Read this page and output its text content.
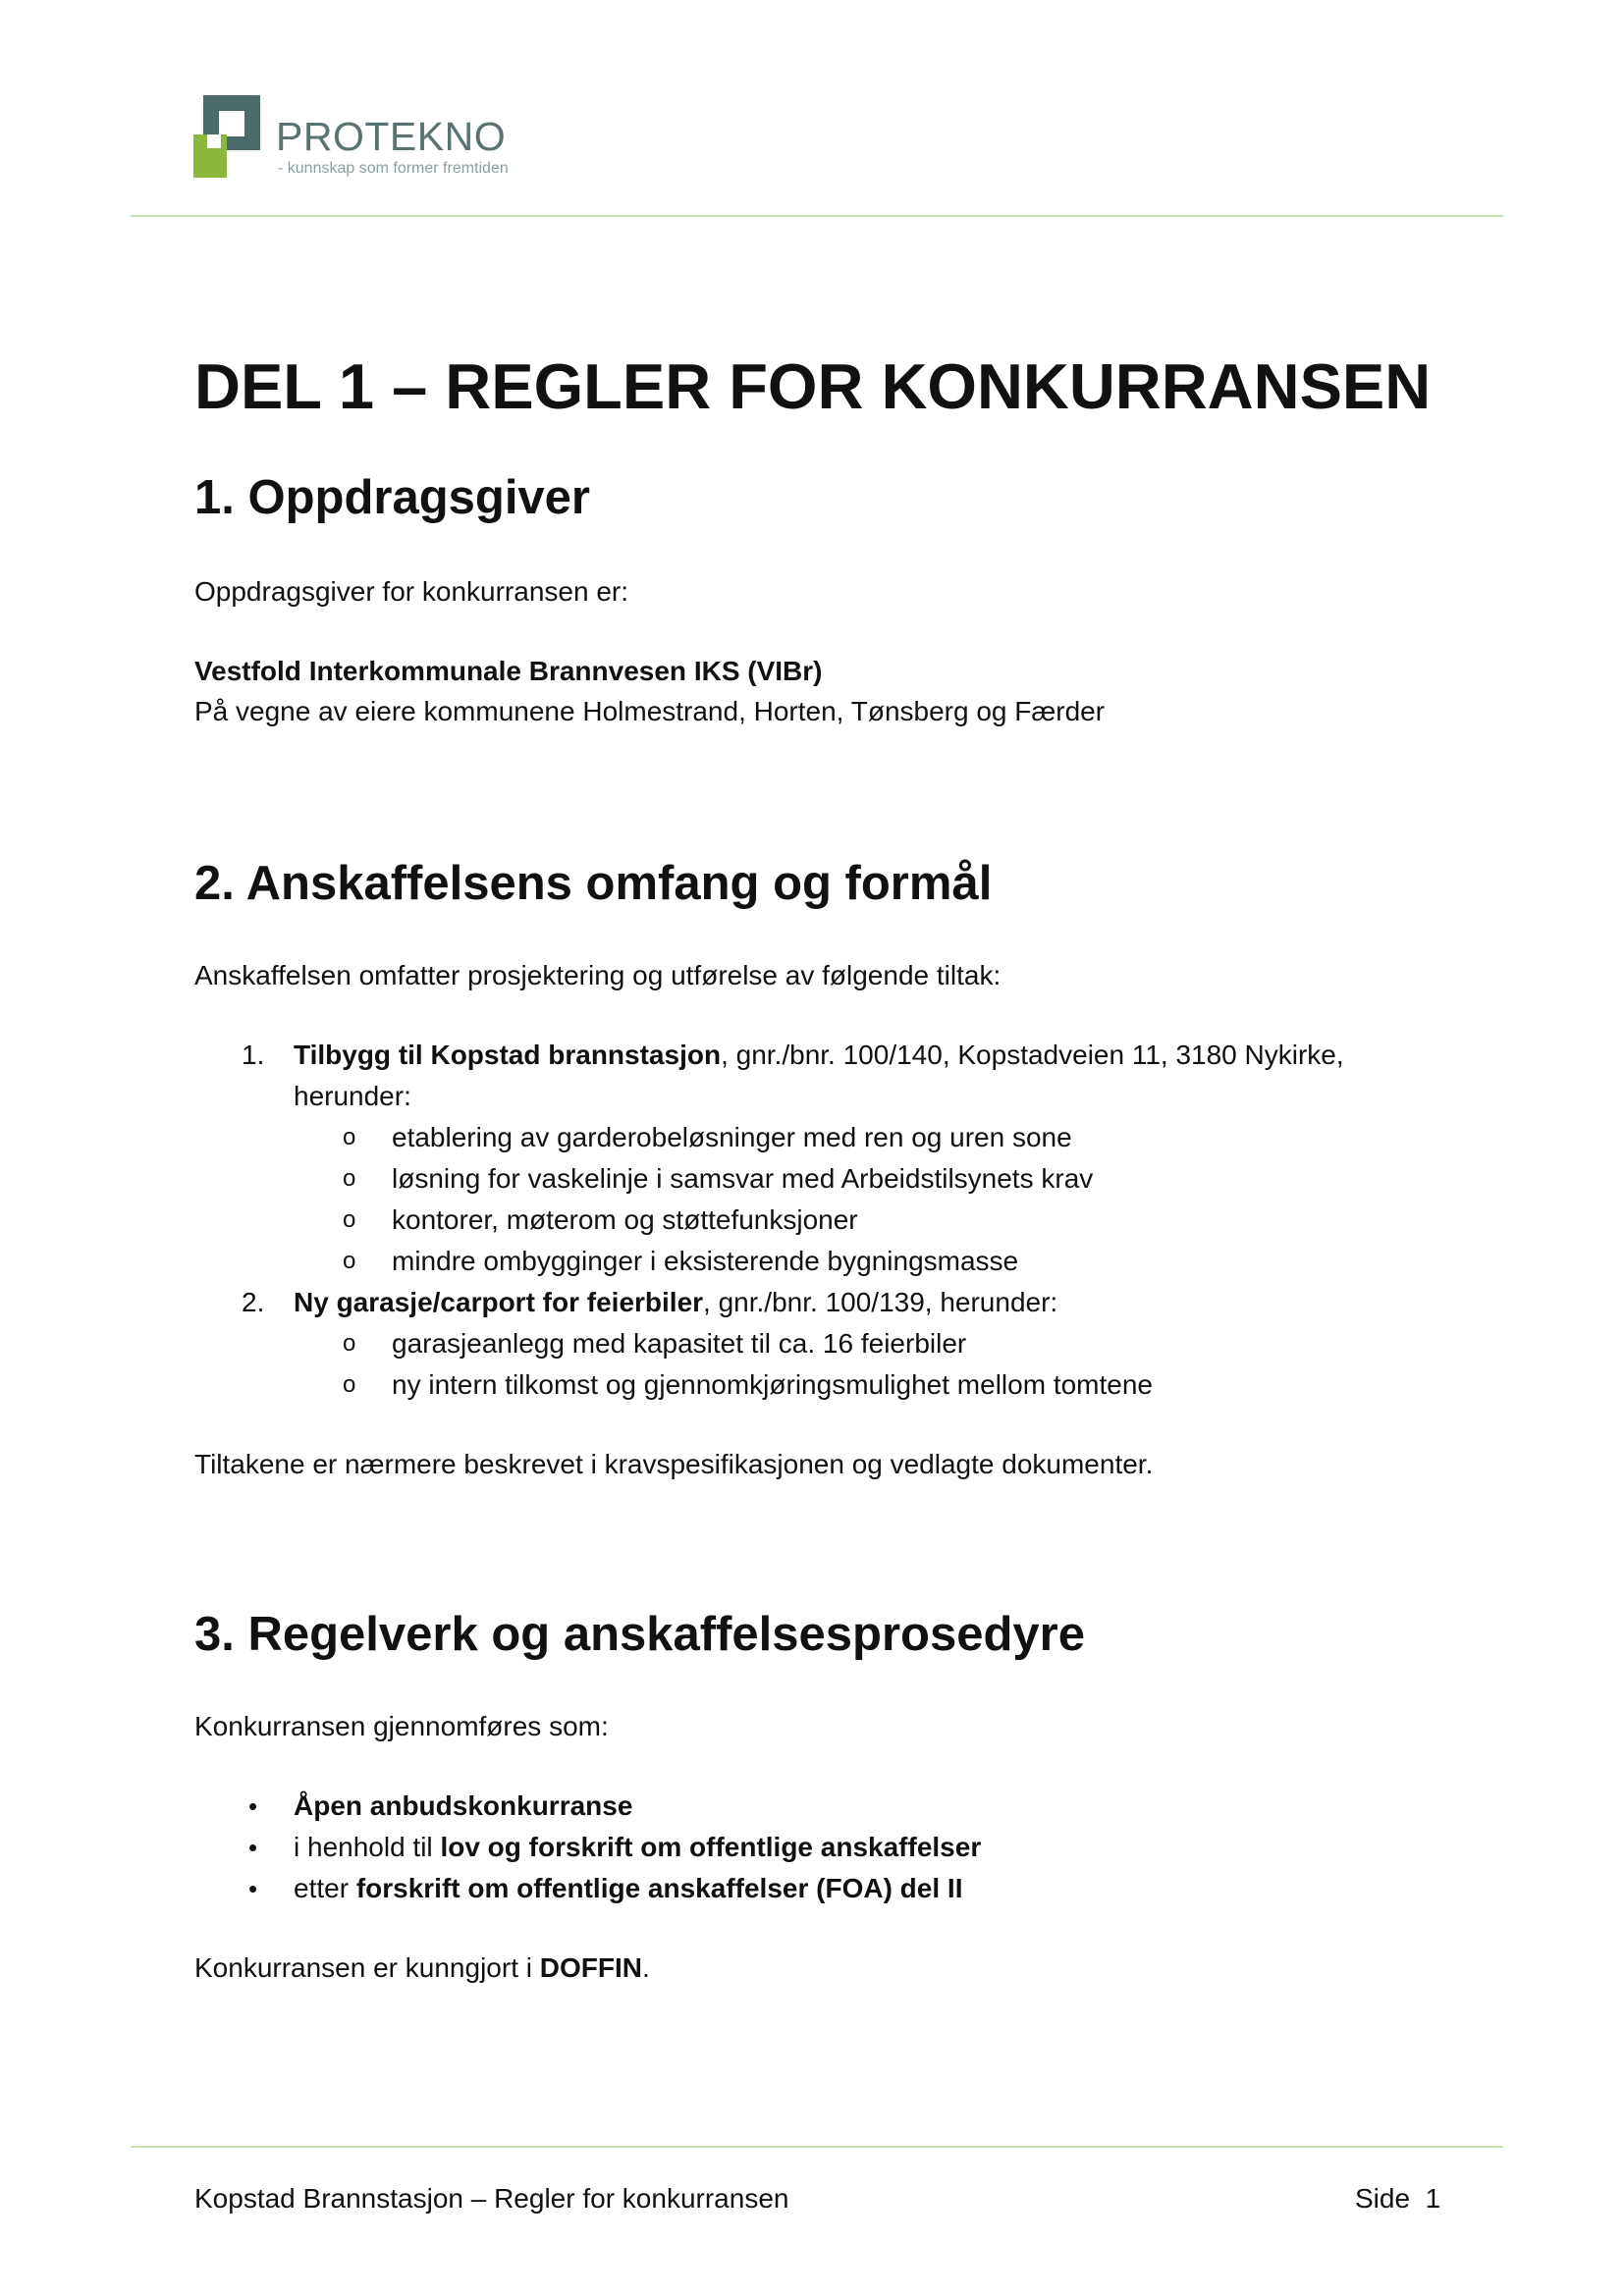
PROTEKNO
- kunnskap som former fremtiden
DEL 1 – REGLER FOR KONKURRANSEN
1. Oppdragsgiver
Oppdragsgiver for konkurransen er:
Vestfold Interkommunale Brannvesen IKS (VIBr)
På vegne av eiere kommunene Holmestrand, Horten, Tønsberg og Færder
2. Anskaffelsens omfang og formål
Anskaffelsen omfatter prosjektering og utførelse av følgende tiltak:
1. Tilbygg til Kopstad brannstasjon, gnr./bnr. 100/140, Kopstadveien 11, 3180 Nykirke,
herunder:
o etablering av garderobeløsninger med ren og uren sone
o løsning for vaskelinje i samsvar med Arbeidstilsynets krav
o kontorer, møterom og støttefunksjoner
o mindre ombygginger i eksisterende bygningsmasse
2. Ny garasje/carport for feierbiler, gnr./bnr. 100/139, herunder:
o garasjeanlegg med kapasitet til ca. 16 feierbiler
o ny intern tilkomst og gjennomkjøringsmulighet mellom tomtene
Tiltakene er nærmere beskrevet i kravspesifikasjonen og vedlagte dokumenter.
3. Regelverk og anskaffelsesprosedyre
Konkurransen gjennomføres som:
• Åpen anbudskonkurranse
• i henhold til lov og forskrift om offentlige anskaffelser
• etter forskrift om offentlige anskaffelser (FOA) del II
Konkurransen er kunngjort i DOFFIN.
Kopstad Brannstasjon – Regler for konkurransen	Side 1
